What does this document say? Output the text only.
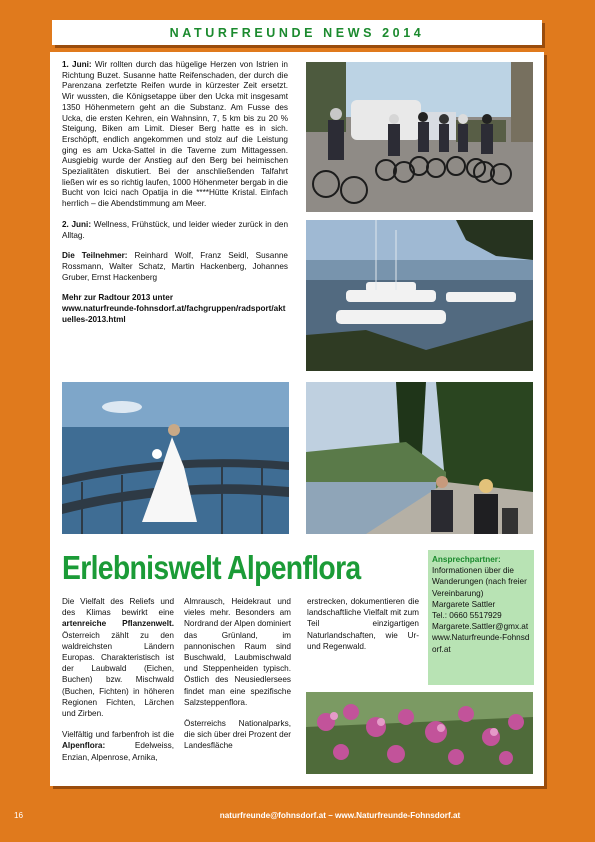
NATURFREUNDE NEWS 2014

1. Juni: Wir rollten durch das hügelige Herzen von Istrien in Richtung Buzet. Susanne hatte Reifenschaden, der durch die Parenzana zerfetzte Reifen wurde in kürzester Zeit ersetzt. Wir wussten, die Königsetappe über den Ucka mit insgesamt 1350 Höhenmetern geht an die Substanz. Am Fusse des Ucka, die ersten Kehren, ein Wahnsinn, 7, 5 km bis zu 20 % Steigung, Biken am Limit. Dieser Berg hatte es in sich. Erschöpft, endlich angekommen und stolz auf die Leistung ging es am Ucka-Sattel in die Taverne zum Mittagessen. Ausgiebig wurde der Anstieg auf den Berg bei heimischen Spezialitäten diskutiert. Bei der anschließenden Talfahrt ließen wir es so richtig laufen, 1000 Höhenmeter bergab in die Bucht von Icici nach Opatija in die ****Hütte Kristal. Einfach herrlich – die Abendstimmung am Meer.

2. Juni: Wellness, Frühstück, und leider wieder zurück in den Alltag.

Die Teilnehmer: Reinhard Wolf, Franz Seidl, Susanne Rossmann, Walter Schatz, Martin Hackenberg, Johannes Gruber, Ernst Hackenberg

Mehr zur Radtour 2013 unter
www.naturfreunde-fohnsdorf.at/fachgruppen/radsport/aktuelles-2013.html

Erlebniswelt Alpenflora

Die Vielfalt des Reliefs und des Klimas bewirkt eine artenreiche Pflanzenwelt. Österreich zählt zu den waldreichsten Ländern Europas. Charakteristisch ist der Laubwald (Eichen, Buchen) bzw. Mischwald (Buchen, Fichten) in höheren Regionen Fichten, Lärchen und Zirben.

Vielfältig und farbenfroh ist die Alpenflora: Edelweiss, Enzian, Alpenrose, Arnika,

Almrausch, Heidekraut und vieles mehr. Besonders am Nordrand der Alpen dominiert das Grünland, im pannonischen Raum sind Buschwald, Laubmischwald und Steppenheiden typisch. Östlich des Neusiedlersees findet man eine spezifische Salzsteppenflora.

Österreichs Nationalparks, die sich über drei Prozent der Landesfläche

erstrecken, dokumentieren die landschaftliche Vielfalt mit zum Teil einzigartigen Naturlandschaften, wie Ur- und Regenwald.

Ansprechpartner:
Informationen über die Wanderungen (nach freier Vereinbarung)
Margarete Sattler
Tel.: 0660 5517929
Margarete.Sattler@gmx.at
www.Naturfreunde-Fohnsdorf.at
16	naturfreunde@fohnsdorf.at – www.Naturfreunde-Fohnsdorf.at
